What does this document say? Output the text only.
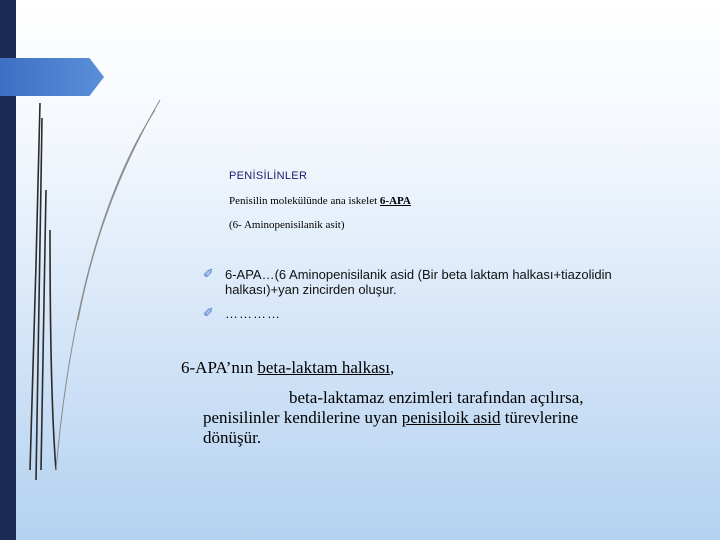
PENİSİLİNLER
Penisilin molekülünde ana iskelet 6-APA
(6- Aminopenisilanik asit)
✐ 6-APA…(6 Aminopenisilanik asid (Bir beta laktam halkası+tiazolidin halkası)+yan zincirden oluşur.
✐ …………
6-APA’nın beta-laktam halkası,
beta-laktamaz enzimleri tarafından açılırsa,
penisilinler kendilerine uyan penisiloik asid türevlerine
dönüşür.
